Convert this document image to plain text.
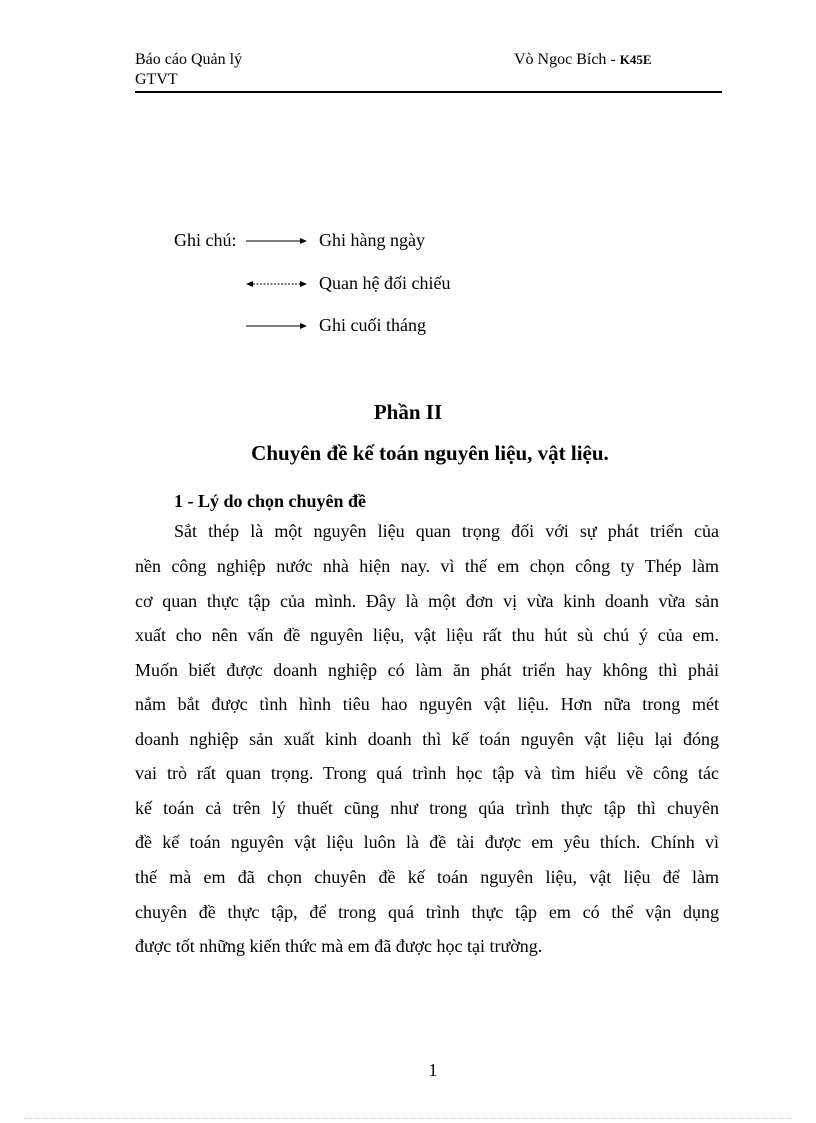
Báo cáo Quản lý
GTVT
Vò Ngoc Bích - K45E
Ghi chú:	Ghi hàng ngày
Quan hệ đối chiếu
Ghi cuối tháng
Phần II
Chuyên đề kế toán nguyên liệu, vật liệu.
1 - Lý do chọn chuyên đề
Sắt thép là một nguyên liệu quan trọng đối với sự phát triển của
nền công nghiệp nước nhà hiện nay. vì thế em chọn công ty Thép làm
cơ quan thực tập của mình. Đây là một đơn vị vừa kinh doanh vừa sản
xuất cho nên vấn đề nguyên liệu, vật liệu rất thu hút sù chú ý của em.
Muốn biết được doanh nghiệp có làm ăn phát triển hay không thì phải
nắm bắt được tình hình tiêu hao nguyên vật liệu. Hơn nữa trong mét
doanh nghiệp sản xuất kinh doanh thì kế toán nguyên vật liệu lại đóng
vai trò rất quan trọng. Trong quá trình học tập và tìm hiểu về công tác
kế toán cả trên lý thuết cũng như trong qúa trình thực tập thì chuyên
đề kế toán nguyên vật liệu luôn là đề tài được em yêu thích. Chính vì
thế mà em đã chọn chuyên đề kế toán nguyên liệu, vật liệu để làm
chuyên đề thực tập, để trong quá trình thực tập em có thể vận dụng
được tốt những kiến thức mà em đã được học tại trường.
1
